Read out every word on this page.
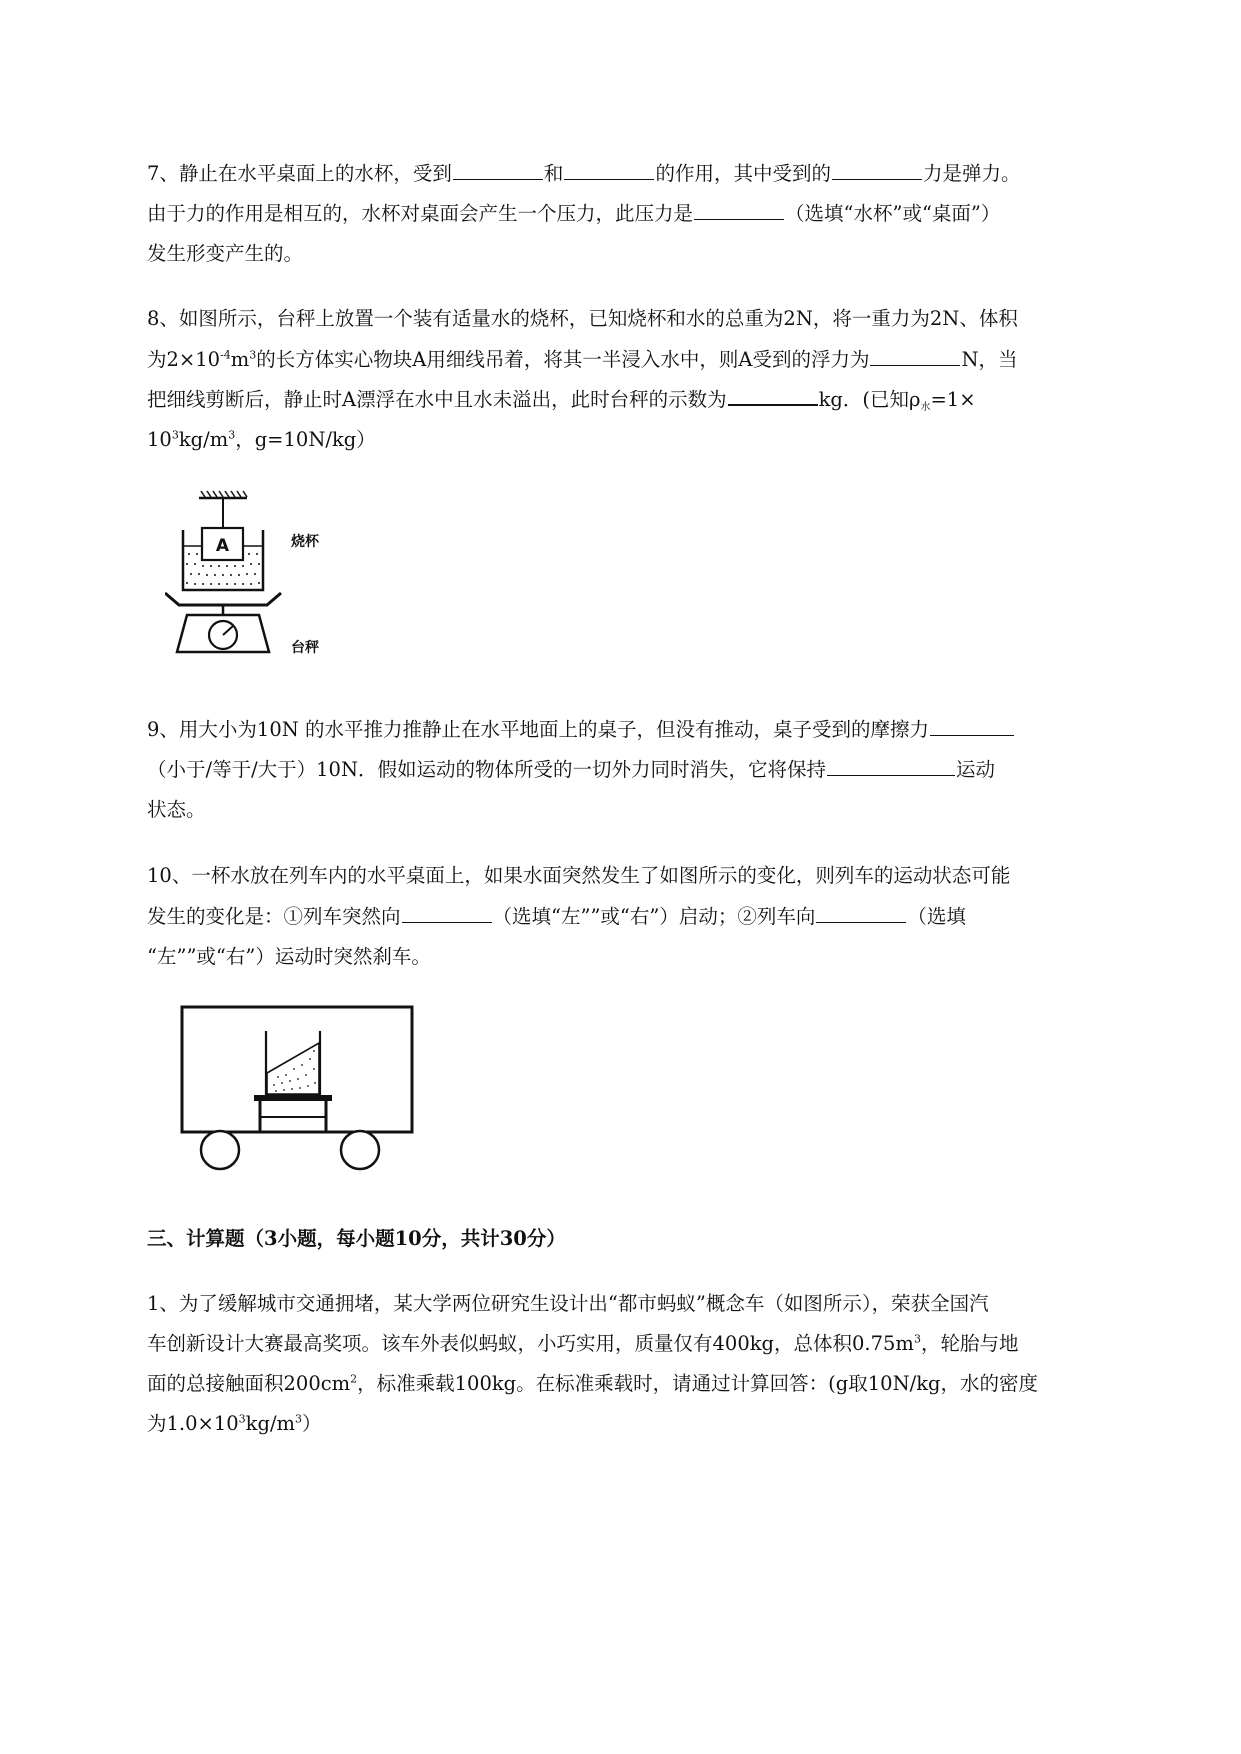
7、静止在水平桌面上的水杯，受到	和	的作用，其中受到的	力是弹力。
由于力的作用是相互的，水杯对桌面会产生一个压力，此压力是	（选填“水杯”或“桌面”）
发生形变产生的。
8、如图所示，台秤上放置一个装有适量水的烧杯，已知烧杯和水的总重为2N，将一重力为2N、体积
为$2\times 10^{-4}m^3$的长方体实心物块A用细线吊着，将其一半浸入水中，则A受到的浮力为	N，当
把细线剪断后，静止时A漂浮在水中且水未溢出，此时台秤的示数为	kg．(已知$\rho_水=1\times$
$10^3kg/m^3$，g=10N/kg）
A	烧杯
台秤
9、用大小为10N 的水平推力推静止在水平地面上的桌子，但没有推动，桌子受到的摩擦力
（小于/等于/大于）10N．假如运动的物体所受的一切外力同时消失，它将保持	运动
状态。
10、一杯水放在列车内的水平桌面上，如果水面突然发生了如图所示的变化，则列车的运动状态可能
发生的变化是：①列车突然向	（选填“左””或“右”）启动；②列车向	（选填
“左””或“右”）运动时突然刹车。
三、计算题（3小题，每小题10分，共计30分）
1、为了缓解城市交通拥堵，某大学两位研究生设计出“都市蚂蚁”概念车（如图所示），荣获全国汽
车创新设计大赛最高奖项。该车外表似蚂蚁，小巧实用，质量仅有400kg，总体积$0.75m^3$，轮胎与地
面的总接触面积$200cm^2$，标准乘载100kg。在标准乘载时，请通过计算回答：(g取10N/kg，水的密度
为$1.0\times 10^3kg/m^3$）
